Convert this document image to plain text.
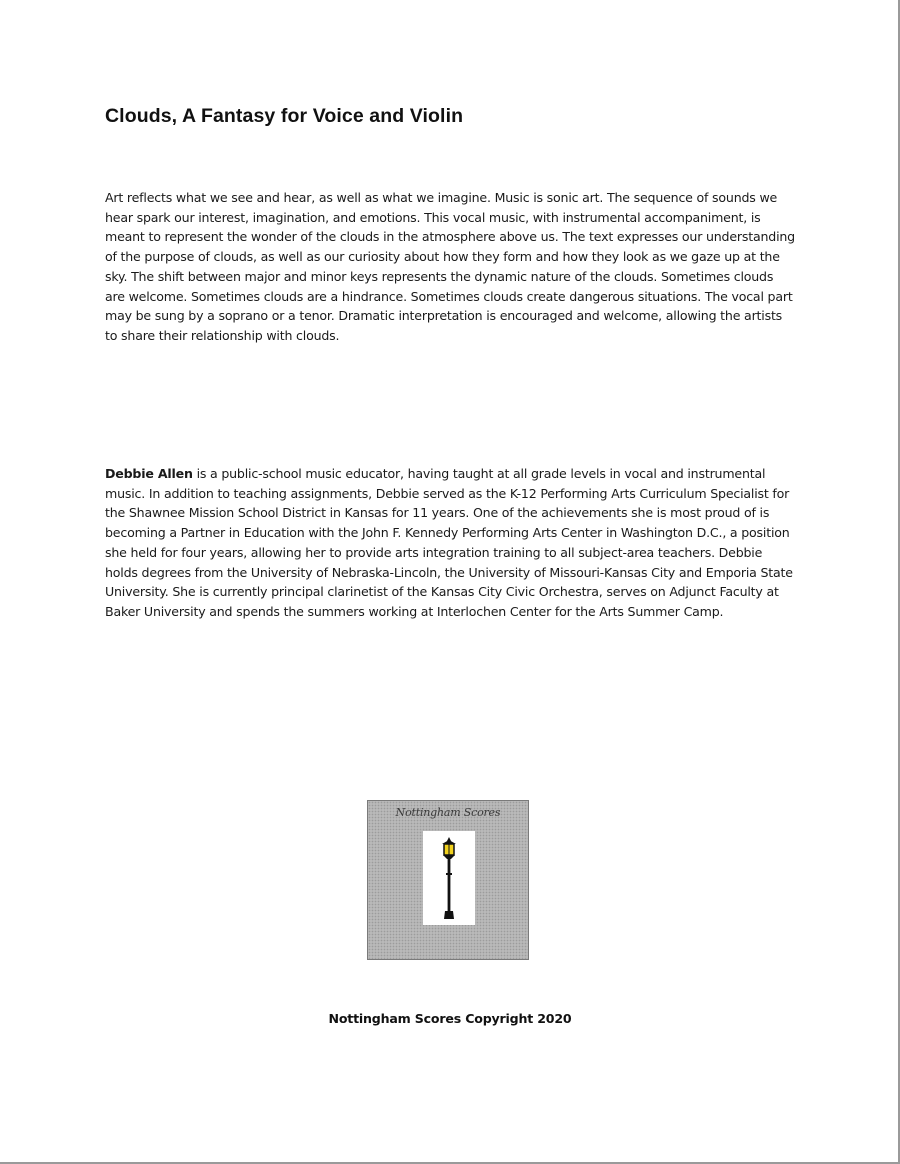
Clouds, A Fantasy for Voice and Violin

Art reflects what we see and hear, as well as what we imagine. Music is sonic art. The sequence of sounds we hear spark our interest, imagination, and emotions. This vocal music, with instrumental accompaniment, is meant to represent the wonder of the clouds in the atmosphere above us. The text expresses our understanding of the purpose of clouds, as well as our curiosity about how they form and how they look as we gaze up at the sky. The shift between major and minor keys represents the dynamic nature of the clouds. Sometimes clouds are welcome. Sometimes clouds are a hindrance. Sometimes clouds create dangerous situations. The vocal part may be sung by a soprano or a tenor. Dramatic interpretation is encouraged and welcome, allowing the artists to share their relationship with clouds.

Debbie Allen is a public-school music educator, having taught at all grade levels in vocal and instrumental music. In addition to teaching assignments, Debbie served as the K-12 Performing Arts Curriculum Specialist for the Shawnee Mission School District in Kansas for 11 years. One of the achievements she is most proud of is becoming a Partner in Education with the John F. Kennedy Performing Arts Center in Washington D.C., a position she held for four years, allowing her to provide arts integration training to all subject-area teachers. Debbie holds degrees from the University of Nebraska-Lincoln, the University of Missouri-Kansas City and Emporia State University. She is currently principal clarinetist of the Kansas City Civic Orchestra, serves on Adjunct Faculty at Baker University and spends the summers working at Interlochen Center for the Arts Summer Camp.

Nottingham Scores

Nottingham Scores Copyright 2020
